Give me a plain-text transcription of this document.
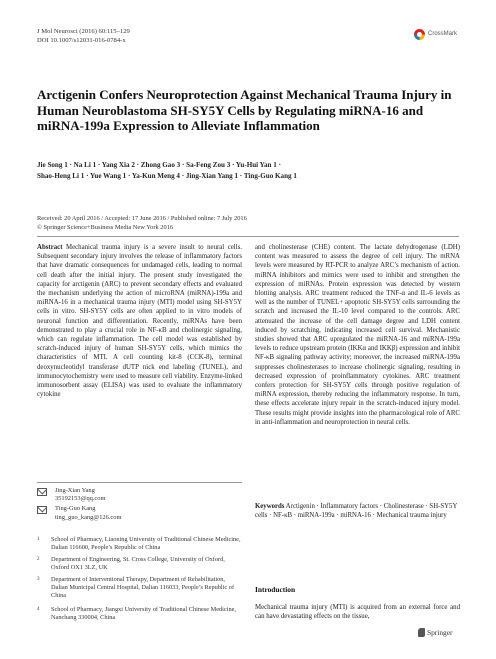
J Mol Neurosci (2016) 60:115–129
DOI 10.1007/s12031-016-0784-x
CrossMark
Arctigenin Confers Neuroprotection Against Mechanical Trauma Injury in Human Neuroblastoma SH-SY5Y Cells by Regulating miRNA-16 and miRNA-199a Expression to Alleviate Inflammation
Jie Song 1 · Na Li 1 · Yang Xia 2 · Zhong Gao 3 · Sa-Feng Zou 3 · Yu-Hui Yan 1 ·
Shao-Heng Li 1 · Yue Wang 1 · Ya-Kun Meng 4 · Jing-Xian Yang 1 · Ting-Guo Kang 1
Received: 20 April 2016 / Accepted: 17 June 2016 / Published online: 7 July 2016
© Springer Science+Business Media New York 2016
Abstract Mechanical trauma injury is a severe insult to neural cells. Subsequent secondary injury involves the release of inflammatory factors that have dramatic consequences for undamaged cells, leading to normal cell death after the initial injury. The present study investigated the capacity for arctigenin (ARC) to prevent secondary effects and evaluated the mechanism underlying the action of microRNA (miRNA)-199a and miRNA-16 in a mechanical trauma injury (MTI) model using SH-SY5Y cells in vitro. SH-SY5Y cells are often applied to in vitro models of neuronal function and differentiation. Recently, miRNAs have been demonstrated to play a crucial role in NF-κB and cholinergic signaling, which can regulate inflammation. The cell model was established by scratch-induced injury of human SH-SY5Y cells, which mimics the characteristics of MTI. A cell counting kit-8 (CCK-8), terminal deoxynucleotidyl transferase dUTP nick end labeling (TUNEL), and immunocytochemistry were used to measure cell viability. Enzyme-linked immunosorbent assay (ELISA) was used to evaluate the inflammatory cytokine
and cholinesterase (CHE) content. The lactate dehydrogenase (LDH) content was measured to assess the degree of cell injury. The mRNA levels were measured by RT-PCR to analyze ARC’s mechanism of action. miRNA inhibitors and mimics were used to inhibit and strengthen the expression of miRNAs. Protein expression was detected by western blotting analysis. ARC treatment reduced the TNF-α and IL-6 levels as well as the number of TUNEL+ apoptotic SH-SY5Y cells surrounding the scratch and increased the IL-10 level compared to the controls. ARC attenuated the increase of the cell damage degree and LDH content induced by scratching, indicating increased cell survival. Mechanistic studies showed that ARC upregulated the miRNA-16 and miRNA-199a levels to reduce upstream protein (IKKα and IKKβ) expression and inhibit NF-κB signaling pathway activity; moreover, the increased miRNA-199a suppresses cholinesterases to increase cholinergic signaling, resulting in decreased expression of proinflammatory cytokines. ARC treatment confers protection for SH-SY5Y cells through positive regulation of miRNA expression, thereby reducing the inflammatory response. In turn, these effects accelerate injury repair in the scratch-induced injury model. These results might provide insights into the pharmacological role of ARC in anti-inflammation and neuroprotection in neural cells.
Jing-Xian Yang
35192153@qq.com
Ting-Guo Kang
ting_guo_kang@126.com
1 School of Pharmacy, Liaoning University of Traditional Chinese Medicine, Dalian 116600, People’s Republic of China
2 Department of Engineering, St. Cross College, University of Oxford, Oxford OX1 3LZ, UK
3 Department of Interventional Therapy, Department of Rehabilitation, Dalian Municipal Central Hospital, Dalian 116033, People’s Republic of China
4 School of Pharmacy, Jiangxi University of Traditional Chinese Medicine, Nanchang 330004, China
Keywords Arctigenin · Inflammatory factors · Cholinesterase · SH-SY5Y cells · NF-κB · miRNA-199a · miRNA-16 · Mechanical trauma injury
Introduction
Mechanical trauma injury (MTI) is acquired from an external force and can have devastating effects on the tissue,
Springer
